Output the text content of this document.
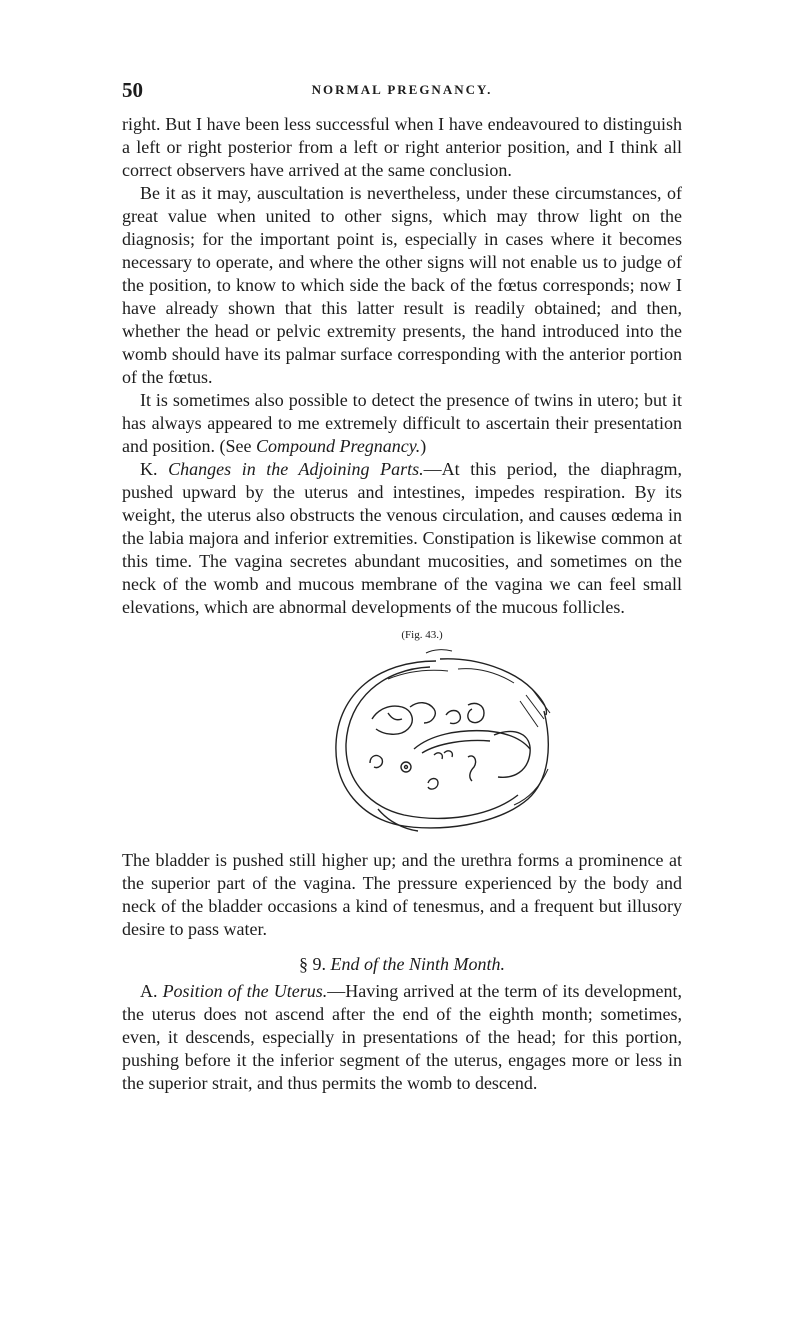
50	NORMAL PREGNANCY.

right. But I have been less successful when I have endeavoured to distinguish a left or right posterior from a left or right anterior position, and I think all correct observers have arrived at the same conclusion.

Be it as it may, auscultation is nevertheless, under these circumstances, of great value when united to other signs, which may throw light on the diagnosis; for the important point is, especially in cases where it becomes necessary to operate, and where the other signs will not enable us to judge of the position, to know to which side the back of the fœtus corresponds; now I have already shown that this latter result is readily obtained; and then, whether the head or pelvic extremity presents, the hand introduced into the womb should have its palmar surface corresponding with the anterior portion of the fœtus.

It is sometimes also possible to detect the presence of twins in utero; but it has always appeared to me extremely difficult to ascertain their presentation and position. (See Compound Pregnancy.)

K. Changes in the Adjoining Parts.—At this period, the diaphragm, pushed upward by the uterus and intestines, impedes respiration. By its weight, the uterus also obstructs the venous circulation, and causes œdema in the labia majora and inferior extremities. Constipation is likewise common at this time. The vagina secretes abundant mucosities, and sometimes on the neck of the womb and mucous membrane of the vagina we can feel small elevations, which are abnormal developments of the mucous follicles.

(Fig. 43.)

The bladder is pushed still higher up; and the urethra forms a prominence at the superior part of the vagina. The pressure experienced by the body and neck of the bladder occasions a kind of tenesmus, and a frequent but illusory desire to pass water.

§ 9. End of the Ninth Month.

A. Position of the Uterus.—Having arrived at the term of its development, the uterus does not ascend after the end of the eighth month; sometimes, even, it descends, especially in presentations of the head; for this portion, pushing before it the inferior segment of the uterus, engages more or less in the superior strait, and thus permits the womb to descend.
